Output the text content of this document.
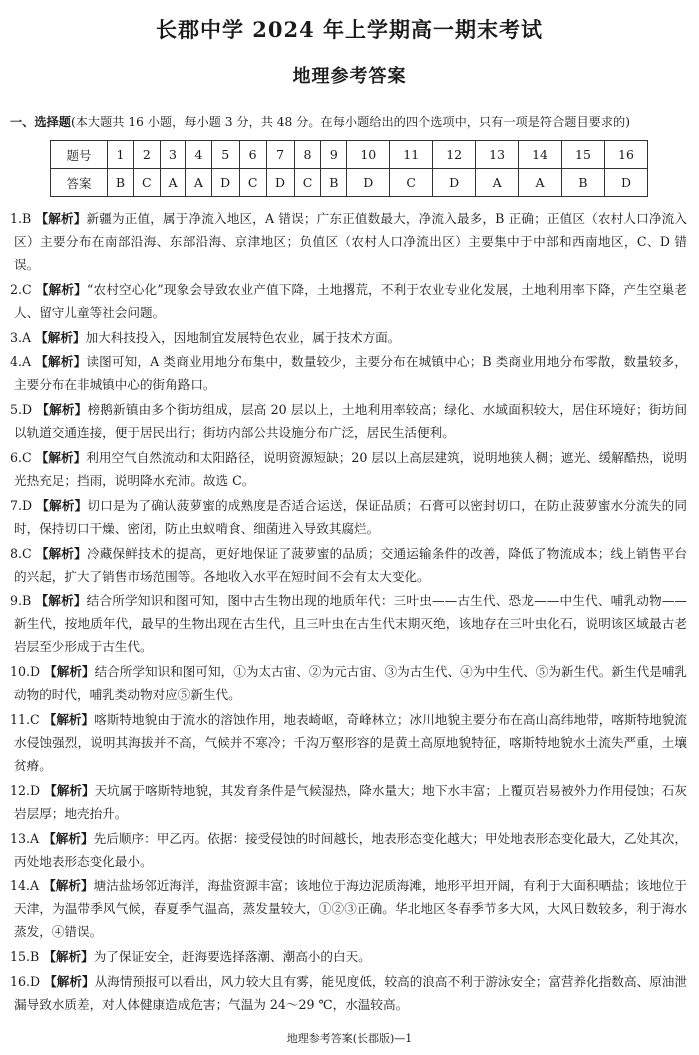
长郡中学 2024 年上学期高一期末考试
地理参考答案
一、选择题(本大题共 16 小题，每小题 3 分，共 48 分。在每小题给出的四个选项中，只有一项是符合题目要求的)
题号	1	2	3	4	5	6	7	8	9	10	11	12	13	14	15	16
答案	B	C	A	A	D	C	D	C	B	D	C	D	A	A	B	D

1.B 【解析】新疆为正值，属于净流入地区，A 错误；广东正值数最大，净流入最多，B 正确；正值区（农村人口净流入区）主要分布在南部沿海、东部沿海、京津地区；负值区（农村人口净流出区）主要集中于中部和西南地区，C、D 错误。

2.C 【解析】“农村空心化”现象会导致农业产值下降，土地撂荒，不利于农业专业化发展，土地利用率下降，产生空巢老人、留守儿童等社会问题。

3.A 【解析】加大科技投入，因地制宜发展特色农业，属于技术方面。

4.A 【解析】读图可知，A 类商业用地分布集中，数量较少，主要分布在城镇中心；B 类商业用地分布零散，数量较多，主要分布在非城镇中心的街角路口。

5.D 【解析】榜鹅新镇由多个街坊组成，层高 20 层以上，土地利用率较高；绿化、水域面积较大，居住环境好；街坊间以轨道交通连接，便于居民出行；街坊内部公共设施分布广泛，居民生活便利。

6.C 【解析】利用空气自然流动和太阳路径，说明资源短缺；20 层以上高层建筑，说明地狭人稠；遮光、缓解酷热，说明光热充足；挡雨，说明降水充沛。故选 C。

7.D 【解析】切口是为了确认菠萝蜜的成熟度是否适合运送，保证品质；石膏可以密封切口，在防止菠萝蜜水分流失的同时，保持切口干燥、密闭，防止虫蚁啃食、细菌进入导致其腐烂。

8.C 【解析】冷藏保鲜技术的提高，更好地保证了菠萝蜜的品质；交通运输条件的改善，降低了物流成本；线上销售平台的兴起，扩大了销售市场范围等。各地收入水平在短时间不会有太大变化。

9.B 【解析】结合所学知识和图可知，图中古生物出现的地质年代：三叶虫——古生代、恐龙——中生代、哺乳动物——新生代，按地质年代，最早的生物出现在古生代，且三叶虫在古生代末期灭绝，该地存在三叶虫化石，说明该区域最古老岩层至少形成于古生代。

10.D 【解析】结合所学知识和图可知，①为太古宙、②为元古宙、③为古生代、④为中生代、⑤为新生代。新生代是哺乳动物的时代，哺乳类动物对应⑤新生代。

11.C 【解析】喀斯特地貌由于流水的溶蚀作用，地表崎岖，奇峰林立；冰川地貌主要分布在高山高纬地带，喀斯特地貌流水侵蚀强烈，说明其海拔并不高，气候并不寒冷；千沟万壑形容的是黄土高原地貌特征，喀斯特地貌水土流失严重，土壤贫瘠。

12.D 【解析】天坑属于喀斯特地貌，其发育条件是气候湿热，降水量大；地下水丰富；上覆页岩易被外力作用侵蚀；石灰岩层厚；地壳抬升。

13.A 【解析】先后顺序：甲乙丙。依据：接受侵蚀的时间越长，地表形态变化越大；甲处地表形态变化最大，乙处其次，丙处地表形态变化最小。

14.A 【解析】塘沽盐场邻近海洋，海盐资源丰富；该地位于海边泥质海滩，地形平坦开阔，有利于大面积晒盐；该地位于天津，为温带季风气候，春夏季气温高，蒸发量较大，①②③正确。华北地区冬春季节多大风，大风日数较多，利于海水蒸发，④错误。

15.B 【解析】为了保证安全，赶海要选择落潮、潮高小的白天。

16.D 【解析】从海情预报可以看出，风力较大且有雾，能见度低，较高的浪高不利于游泳安全；富营养化指数高、原油泄漏导致水质差，对人体健康造成危害；气温为 24～29 ℃，水温较高。

地理参考答案(长郡版)—1
